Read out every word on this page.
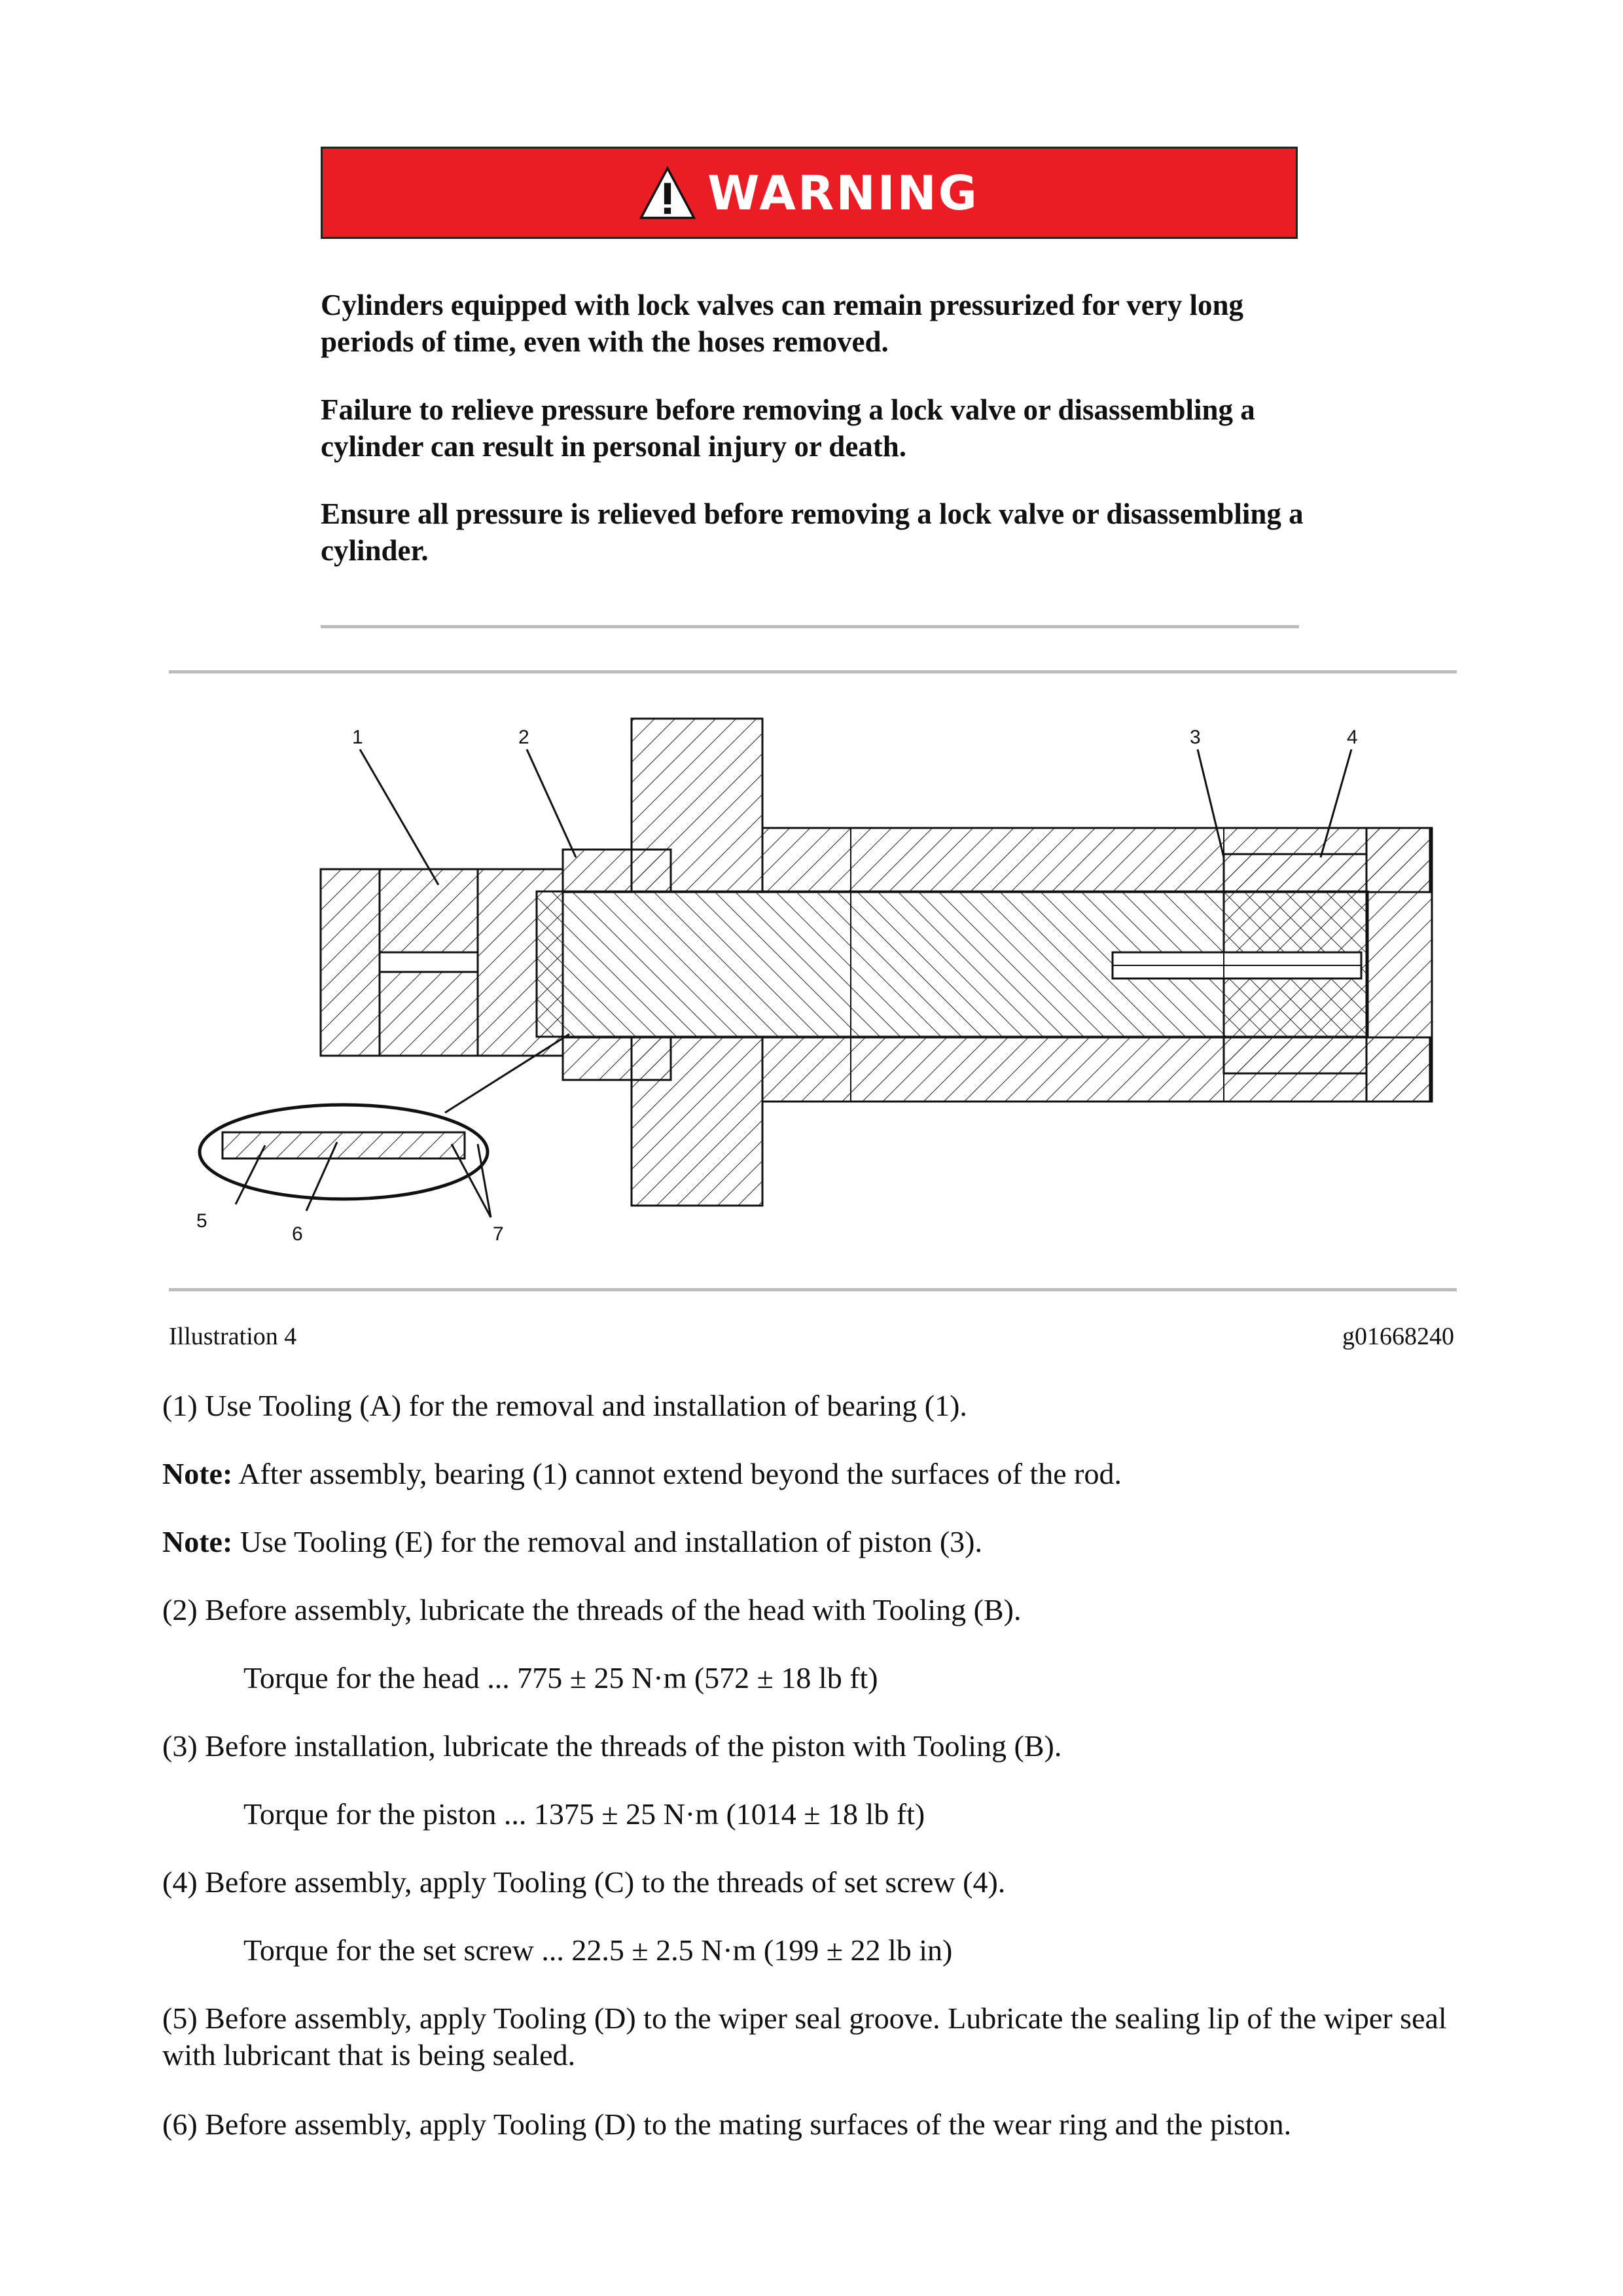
WARNING

Cylinders equipped with lock valves can remain pressurized for very long periods of time, even with the hoses removed.

Failure to relieve pressure before removing a lock valve or disassembling a cylinder can result in personal injury or death.

Ensure all pressure is relieved before removing a lock valve or disassembling a cylinder.

1	2	3	4
5
6	7
Illustration 4	g01668240

(1) Use Tooling (A) for the removal and installation of bearing (1).

Note: After assembly, bearing (1) cannot extend beyond the surfaces of the rod.

Note: Use Tooling (E) for the removal and installation of piston (3).

(2) Before assembly, lubricate the threads of the head with Tooling (B).

Torque for the head ... 775 ± 25 N·m (572 ± 18 lb ft)

(3) Before installation, lubricate the threads of the piston with Tooling (B).

Torque for the piston ... 1375 ± 25 N·m (1014 ± 18 lb ft)

(4) Before assembly, apply Tooling (C) to the threads of set screw (4).

Torque for the set screw ... 22.5 ± 2.5 N·m (199 ± 22 lb in)

(5) Before assembly, apply Tooling (D) to the wiper seal groove. Lubricate the sealing lip of the wiper seal with lubricant that is being sealed.

(6) Before assembly, apply Tooling (D) to the mating surfaces of the wear ring and the piston.
